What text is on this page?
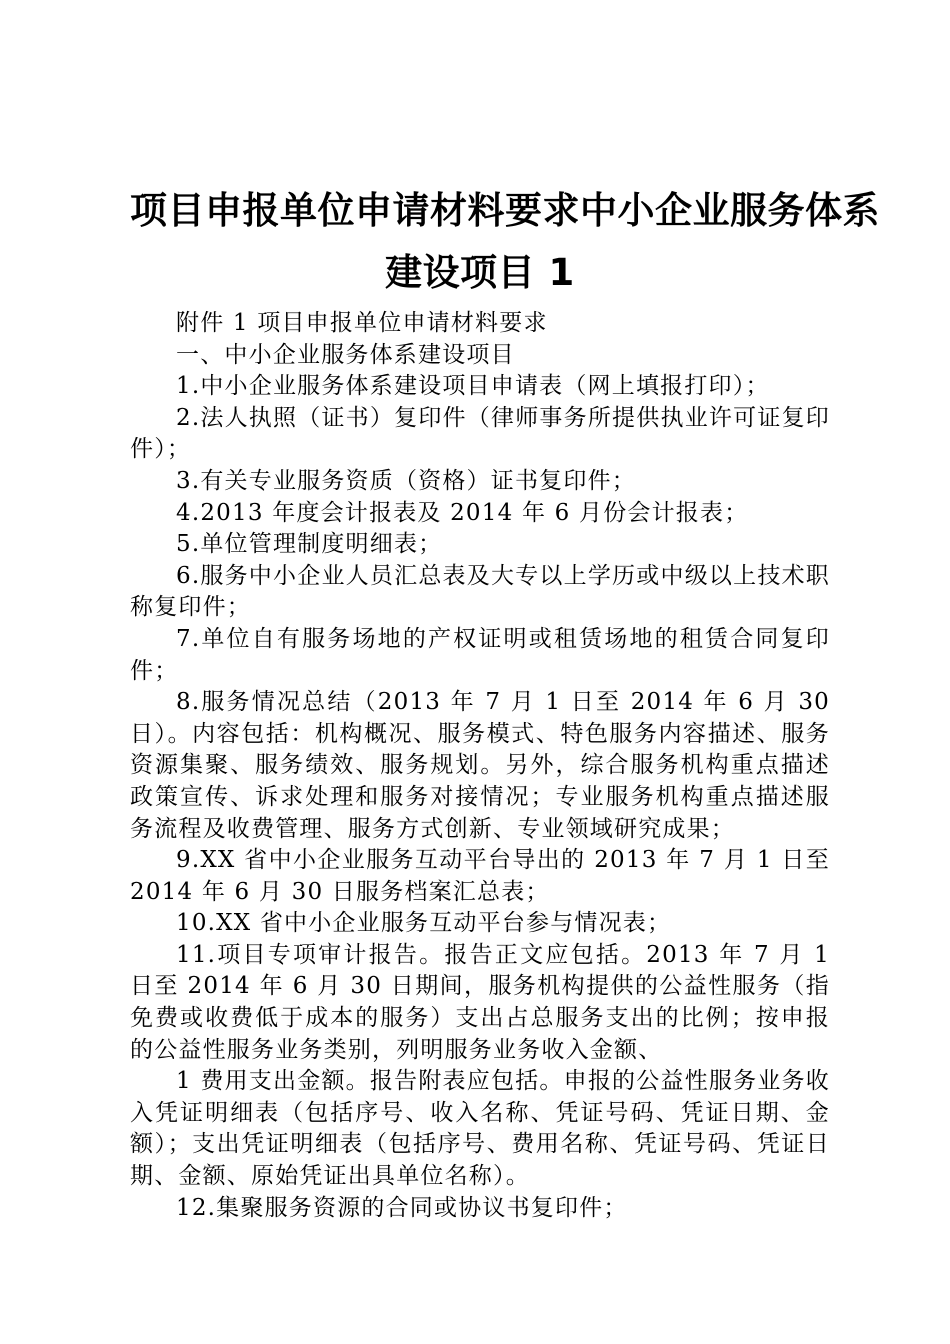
项目申报单位申请材料要求中小企业服务体系
建设项目 1

附件 1 项目申报单位申请材料要求

一、中小企业服务体系建设项目

1.中小企业服务体系建设项目申请表（网上填报打印）；

2.法人执照（证书）复印件（律师事务所提供执业许可证复印件）；

3.有关专业服务资质（资格）证书复印件；

4.2013 年度会计报表及 2014 年 6 月份会计报表；

5.单位管理制度明细表；

6.服务中小企业人员汇总表及大专以上学历或中级以上技术职称复印件；

7.单位自有服务场地的产权证明或租赁场地的租赁合同复印件；

8.服务情况总结（2013 年 7 月 1 日至 2014 年 6 月 30 日）。内容包括：机构概况、服务模式、特色服务内容描述、服务资源集聚、服务绩效、服务规划。另外，综合服务机构重点描述政策宣传、诉求处理和服务对接情况；专业服务机构重点描述服务流程及收费管理、服务方式创新、专业领域研究成果；

9.XX 省中小企业服务互动平台导出的 2013 年 7 月 1 日至 2014 年 6 月 30 日服务档案汇总表；

10.XX 省中小企业服务互动平台参与情况表；

11.项目专项审计报告。报告正文应包括。2013 年 7 月 1 日至 2014 年 6 月 30 日期间，服务机构提供的公益性服务（指免费或收费低于成本的服务）支出占总服务支出的比例；按申报的公益性服务业务类别，列明服务业务收入金额、

1 费用支出金额。报告附表应包括。申报的公益性服务业务收入凭证明细表（包括序号、收入名称、凭证号码、凭证日期、金额）；支出凭证明细表（包括序号、费用名称、凭证号码、凭证日期、金额、原始凭证出具单位名称）。

12.集聚服务资源的合同或协议书复印件；
